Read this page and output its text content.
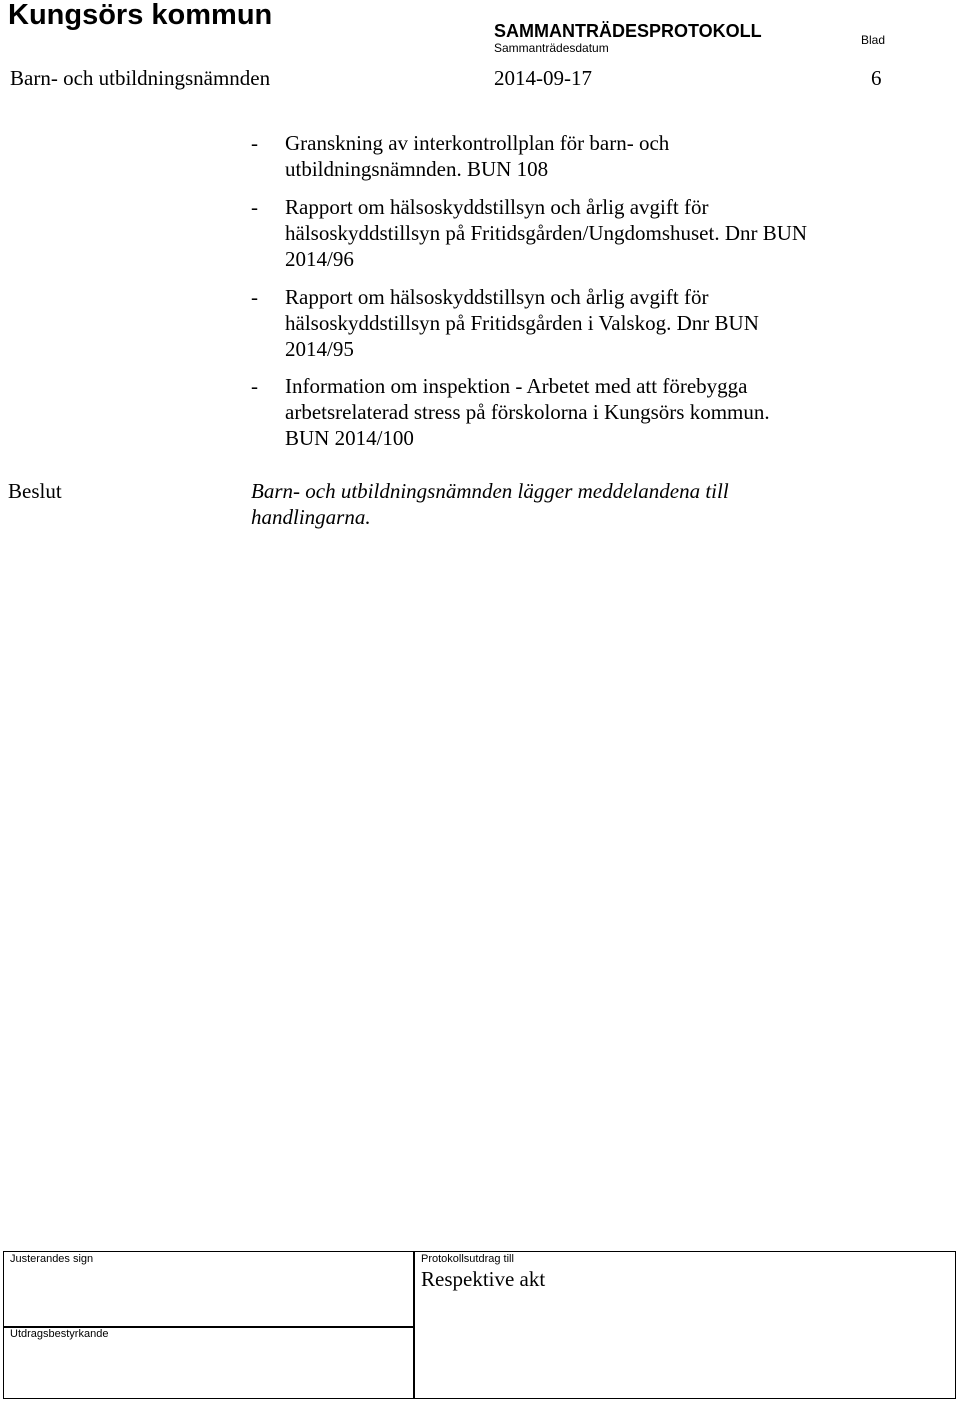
Kungsörs kommun	SAMMANTRÄDESPROTOKOLL
Sammanträdesdatum
Blad
Barn- och utbildningsnämnden	2014-09-17	6
- Granskning av interkontrollplan för barn- och
utbildningsnämnden. BUN 108
- Rapport om hälsoskyddstillsyn och årlig avgift för
hälsoskyddstillsyn på Fritidsgården/Ungdomshuset. Dnr BUN
2014/96
- Rapport om hälsoskyddstillsyn och årlig avgift för
hälsoskyddstillsyn på Fritidsgården i Valskog. Dnr BUN
2014/95
- Information om inspektion - Arbetet med att förebygga
arbetsrelaterad stress på förskolorna i Kungsörs kommun.
BUN 2014/100
Beslut	Barn- och utbildningsnämnden lägger meddelandena till
handlingarna.
Justerandes sign	Protokollsutdrag till
Respektive akt
Utdragsbestyrkande
